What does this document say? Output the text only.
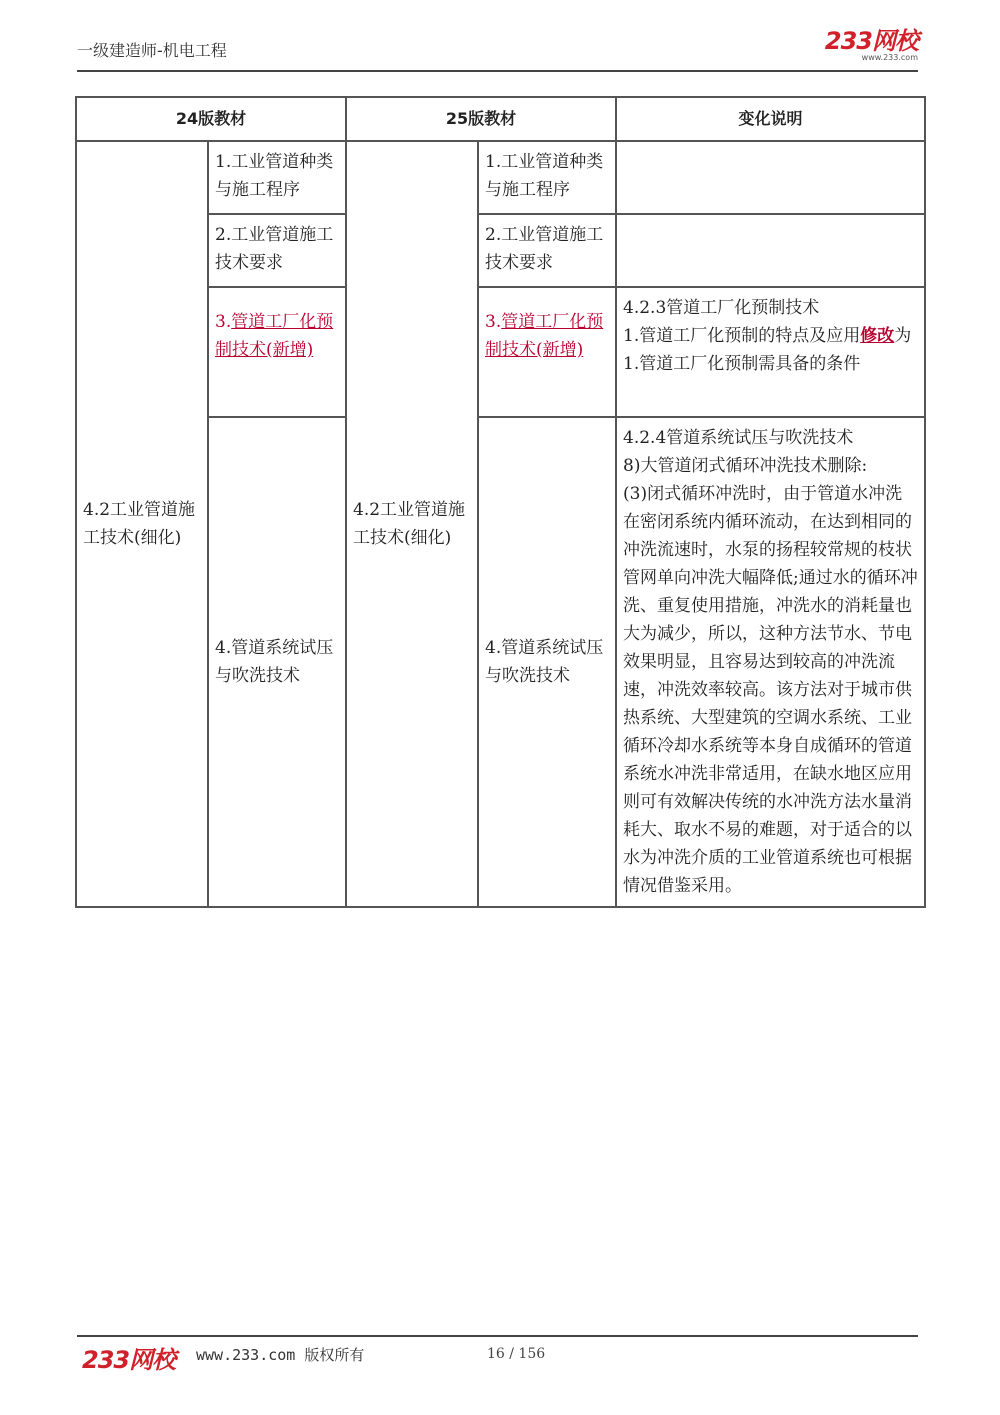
一级建造师-机电工程	233网校
www.233.com
24版教材		25版教材		变化说明
4.2工业管道施工技术(细化)	1.工业管道种类与施工程序	4.2工业管道施工技术(细化)	1.工业管道种类与施工程序	
	2.工业管道施工技术要求		2.工业管道施工技术要求	
	3.管道工厂化预制技术(新增)		3.管道工厂化预制技术(新增)	4.2.3管道工厂化预制技术
1.管道工厂化预制的特点及应用修改为1.管道工厂化预制需具备的条件
	4.管道系统试压与吹洗技术		4.管道系统试压与吹洗技术	4.2.4管道系统试压与吹洗技术
8)大管道闭式循环冲洗技术删除:
(3)闭式循环冲洗时，由于管道水冲洗在密闭系统内循环流动，在达到相同的冲洗流速时，水泵的扬程较常规的枝状管网单向冲洗大幅降低;通过水的循环冲洗、重复使用措施，冲洗水的消耗量也大为减少，所以，这种方法节水、节电效果明显，且容易达到较高的冲洗流速，冲洗效率较高。该方法对于城市供热系统、大型建筑的空调水系统、工业循环冷却水系统等本身自成循环的管道系统水冲洗非常适用，在缺水地区应用则可有效解决传统的水冲洗方法水量消耗大、取水不易的难题，对于适合的以水为冲洗介质的工业管道系统也可根据情况借鉴采用。
233网校 www.233.com 版权所有	16 / 156
